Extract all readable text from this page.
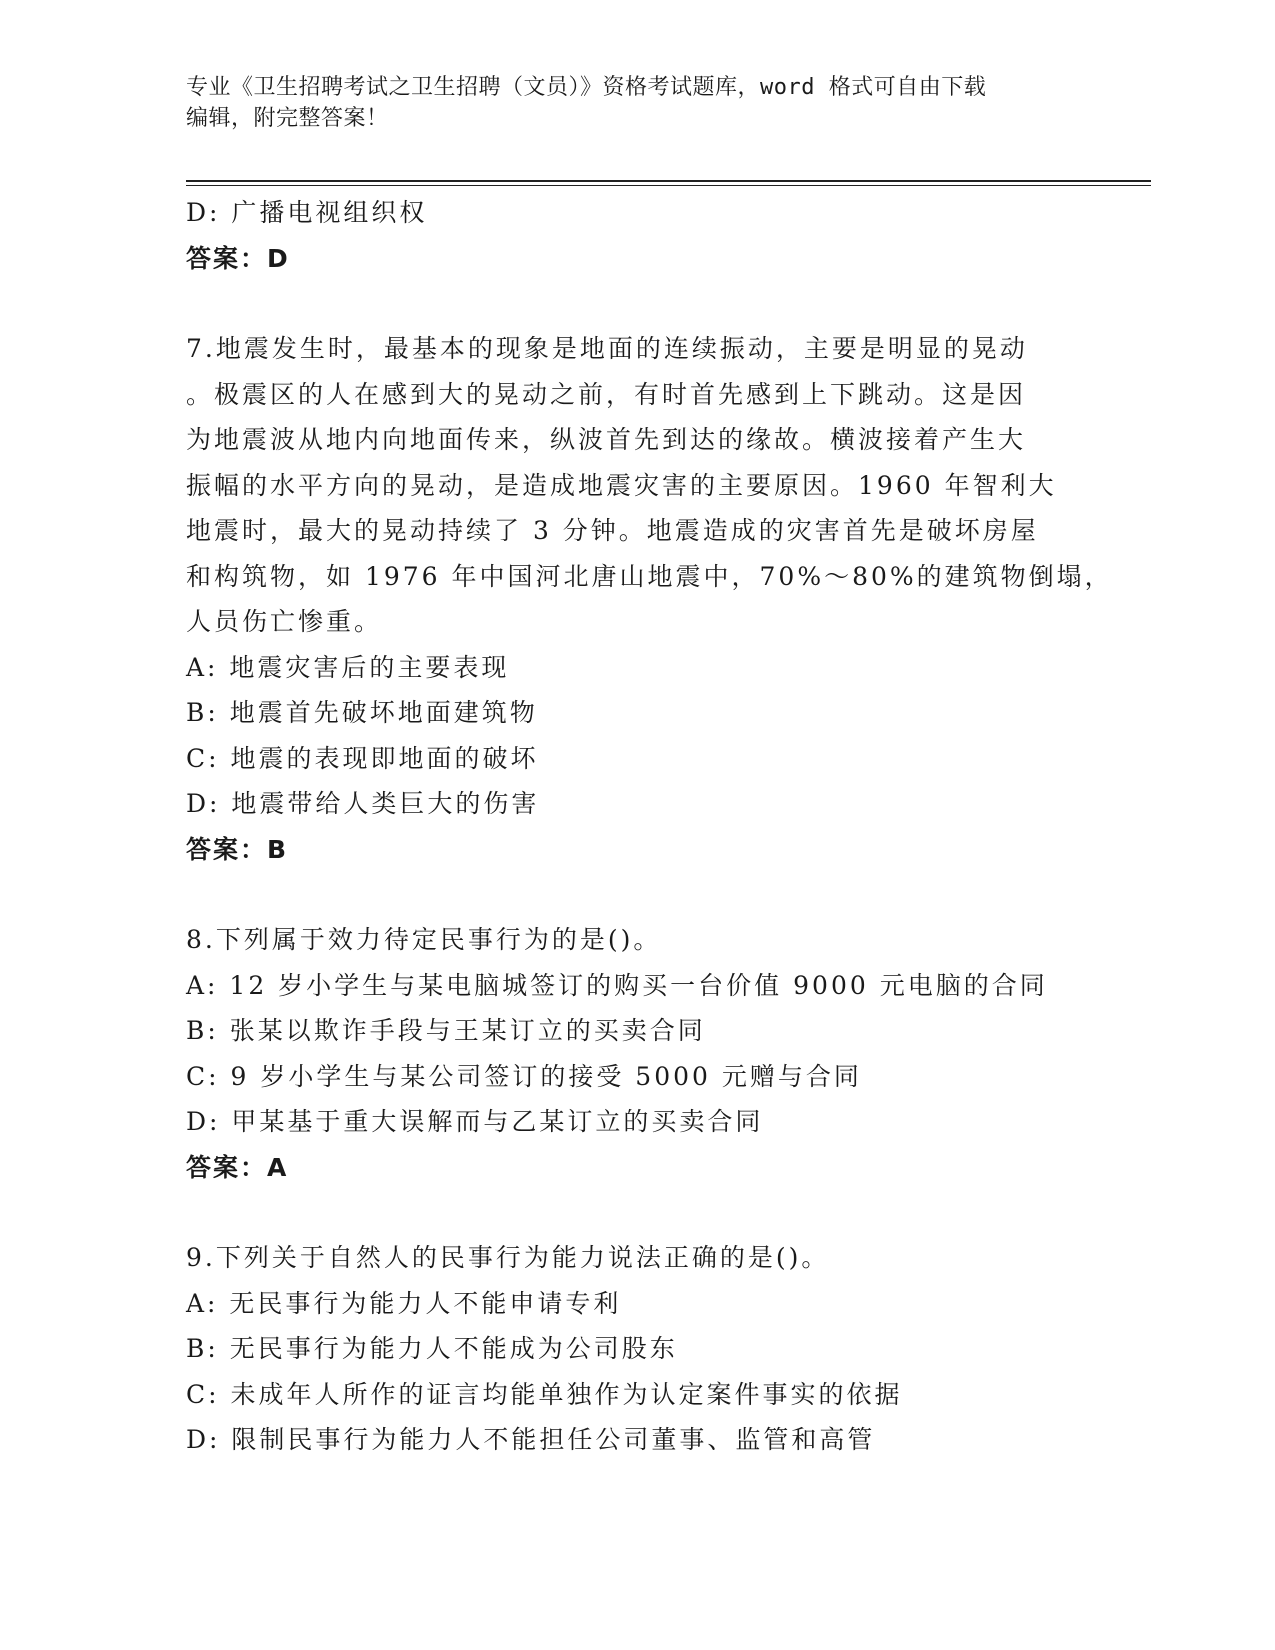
专业《卫生招聘考试之卫生招聘（文员）》资格考试题库，word 格式可自由下载
编辑，附完整答案！
D: 广播电视组织权
答案：D
7.地震发生时，最基本的现象是地面的连续振动，主要是明显的晃动
。极震区的人在感到大的晃动之前，有时首先感到上下跳动。这是因
为地震波从地内向地面传来，纵波首先到达的缘故。横波接着产生大
振幅的水平方向的晃动，是造成地震灾害的主要原因。1960 年智利大
地震时，最大的晃动持续了 3 分钟。地震造成的灾害首先是破坏房屋
和构筑物，如 1976 年中国河北唐山地震中，70%～80%的建筑物倒塌，
人员伤亡惨重。
A: 地震灾害后的主要表现
B: 地震首先破坏地面建筑物
C: 地震的表现即地面的破坏
D: 地震带给人类巨大的伤害
答案：B
8.下列属于效力待定民事行为的是()。
A: 12 岁小学生与某电脑城签订的购买一台价值 9000 元电脑的合同
B: 张某以欺诈手段与王某订立的买卖合同
C: 9 岁小学生与某公司签订的接受 5000 元赠与合同
D: 甲某基于重大误解而与乙某订立的买卖合同
答案：A
9.下列关于自然人的民事行为能力说法正确的是()。
A: 无民事行为能力人不能申请专利
B: 无民事行为能力人不能成为公司股东
C: 未成年人所作的证言均能单独作为认定案件事实的依据
D: 限制民事行为能力人不能担任公司董事、监管和高管
